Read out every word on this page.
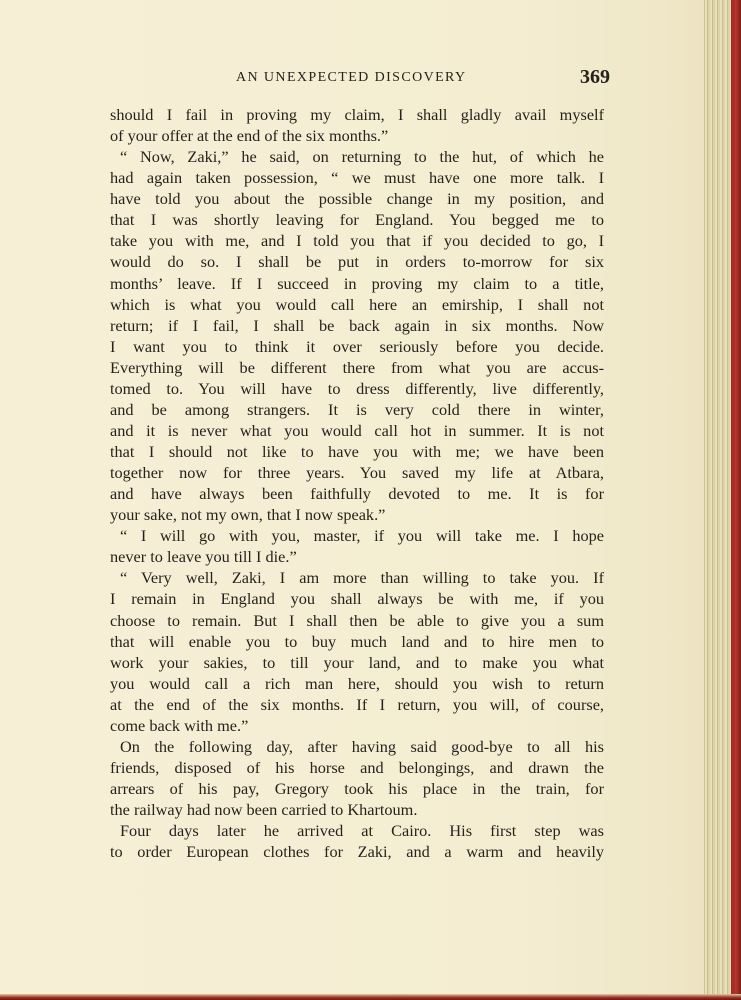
AN UNEXPECTED DISCOVERY	369
should I fail in proving my claim, I shall gladly avail myself
of your offer at the end of the six months.”
“ Now, Zaki,” he said, on returning to the hut, of which he
had again taken possession, “ we must have one more talk. I
have told you about the possible change in my position, and
that I was shortly leaving for England. You begged me to
take you with me, and I told you that if you decided to go, I
would do so. I shall be put in orders to-morrow for six
months’ leave. If I succeed in proving my claim to a title,
which is what you would call here an emirship, I shall not
return; if I fail, I shall be back again in six months. Now
I want you to think it over seriously before you decide.
Everything will be different there from what you are accus-
tomed to. You will have to dress differently, live differently,
and be among strangers. It is very cold there in winter,
and it is never what you would call hot in summer. It is not
that I should not like to have you with me; we have been
together now for three years. You saved my life at Atbara,
and have always been faithfully devoted to me. It is for
your sake, not my own, that I now speak.”
“ I will go with you, master, if you will take me. I hope
never to leave you till I die.”
“ Very well, Zaki, I am more than willing to take you. If
I remain in England you shall always be with me, if you
choose to remain. But I shall then be able to give you a sum
that will enable you to buy much land and to hire men to
work your sakies, to till your land, and to make you what
you would call a rich man here, should you wish to return
at the end of the six months. If I return, you will, of course,
come back with me.”
On the following day, after having said good-bye to all his
friends, disposed of his horse and belongings, and drawn the
arrears of his pay, Gregory took his place in the train, for
the railway had now been carried to Khartoum.
Four days later he arrived at Cairo. His first step was
to order European clothes for Zaki, and a warm and heavily
